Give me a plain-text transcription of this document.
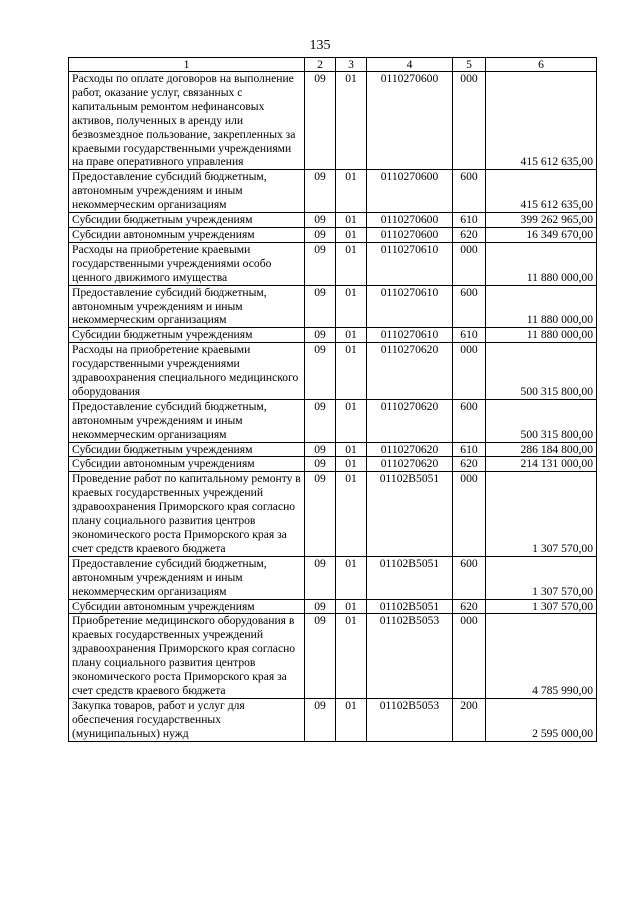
135
1	2	3	4	5	6
Расходы по оплате договоров на выполнение работ, оказание услуг, связанных с капитальным ремонтом нефинансовых активов, полученных в аренду или безвозмездное пользование, закрепленных за краевыми государственными учреждениями на праве оперативного управления	09	01	0110270600	000	415 612 635,00
Предоставление субсидий бюджетным, автономным учреждениям и иным некоммерческим организациям	09	01	0110270600	600	415 612 635,00
Субсидии бюджетным учреждениям	09	01	0110270600	610	399 262 965,00
Субсидии автономным учреждениям	09	01	0110270600	620	16 349 670,00
Расходы на приобретение краевыми государственными учреждениями особо ценного движимого имущества	09	01	0110270610	000	11 880 000,00
Предоставление субсидий бюджетным, автономным учреждениям и иным некоммерческим организациям	09	01	0110270610	600	11 880 000,00
Субсидии бюджетным учреждениям	09	01	0110270610	610	11 880 000,00
Расходы на приобретение краевыми государственными учреждениями здравоохранения специального медицинского оборудования	09	01	0110270620	000	500 315 800,00
Предоставление субсидий бюджетным, автономным учреждениям и иным некоммерческим организациям	09	01	0110270620	600	500 315 800,00
Субсидии бюджетным учреждениям	09	01	0110270620	610	286 184 800,00
Субсидии автономным учреждениям	09	01	0110270620	620	214 131 000,00
Проведение работ по капитальному ремонту в краевых государственных учреждений здравоохранения Приморского края согласно плану социального развития центров экономического роста Приморского края за счет средств краевого бюджета	09	01	01102В5051	000	1 307 570,00
Предоставление субсидий бюджетным, автономным учреждениям и иным некоммерческим организациям	09	01	01102В5051	600	1 307 570,00
Субсидии автономным учреждениям	09	01	01102В5051	620	1 307 570,00
Приобретение медицинского оборудования в краевых государственных учреждений здравоохранения Приморского края согласно плану социального развития центров экономического роста Приморского края за счет средств краевого бюджета	09	01	01102В5053	000	4 785 990,00
Закупка товаров, работ и услуг для обеспечения государственных (муниципальных) нужд	09	01	01102В5053	200	2 595 000,00
